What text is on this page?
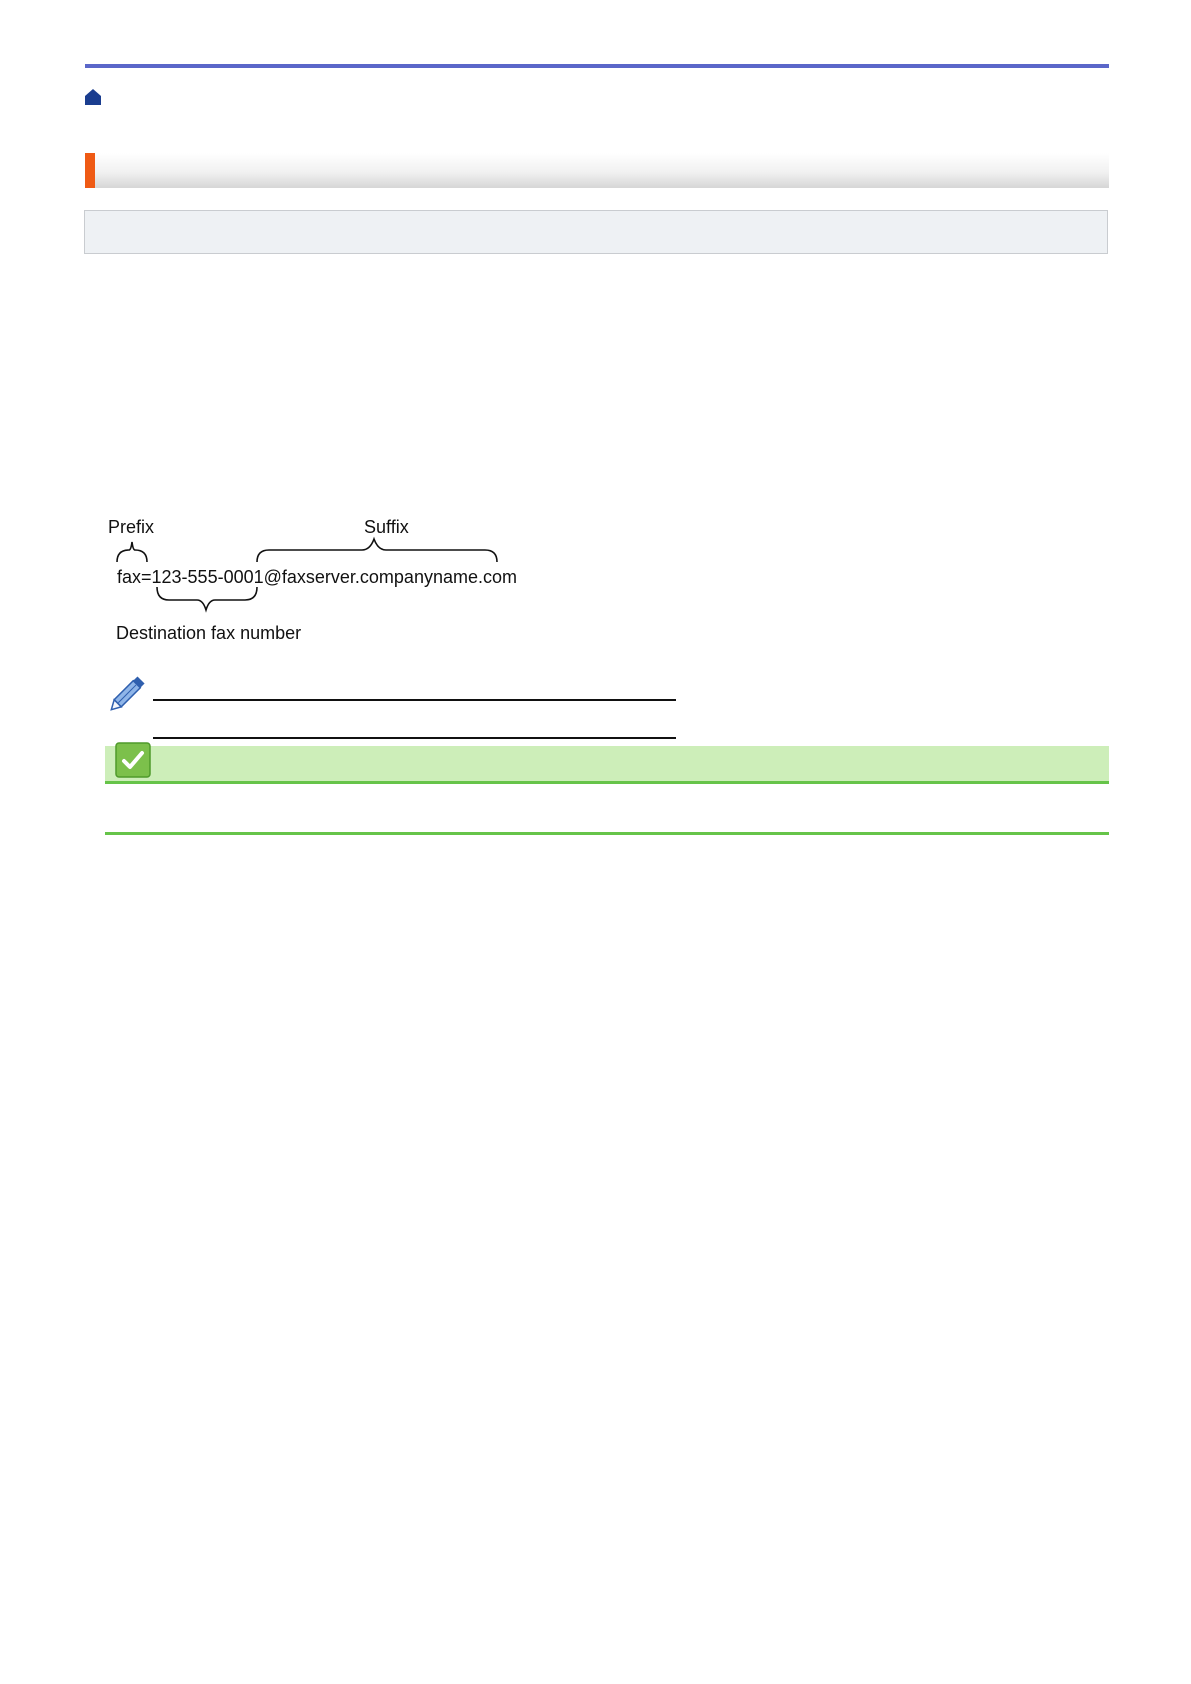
Prefix	Suffix
fax=123-555-0001@faxserver.companyname.com
Destination fax number
